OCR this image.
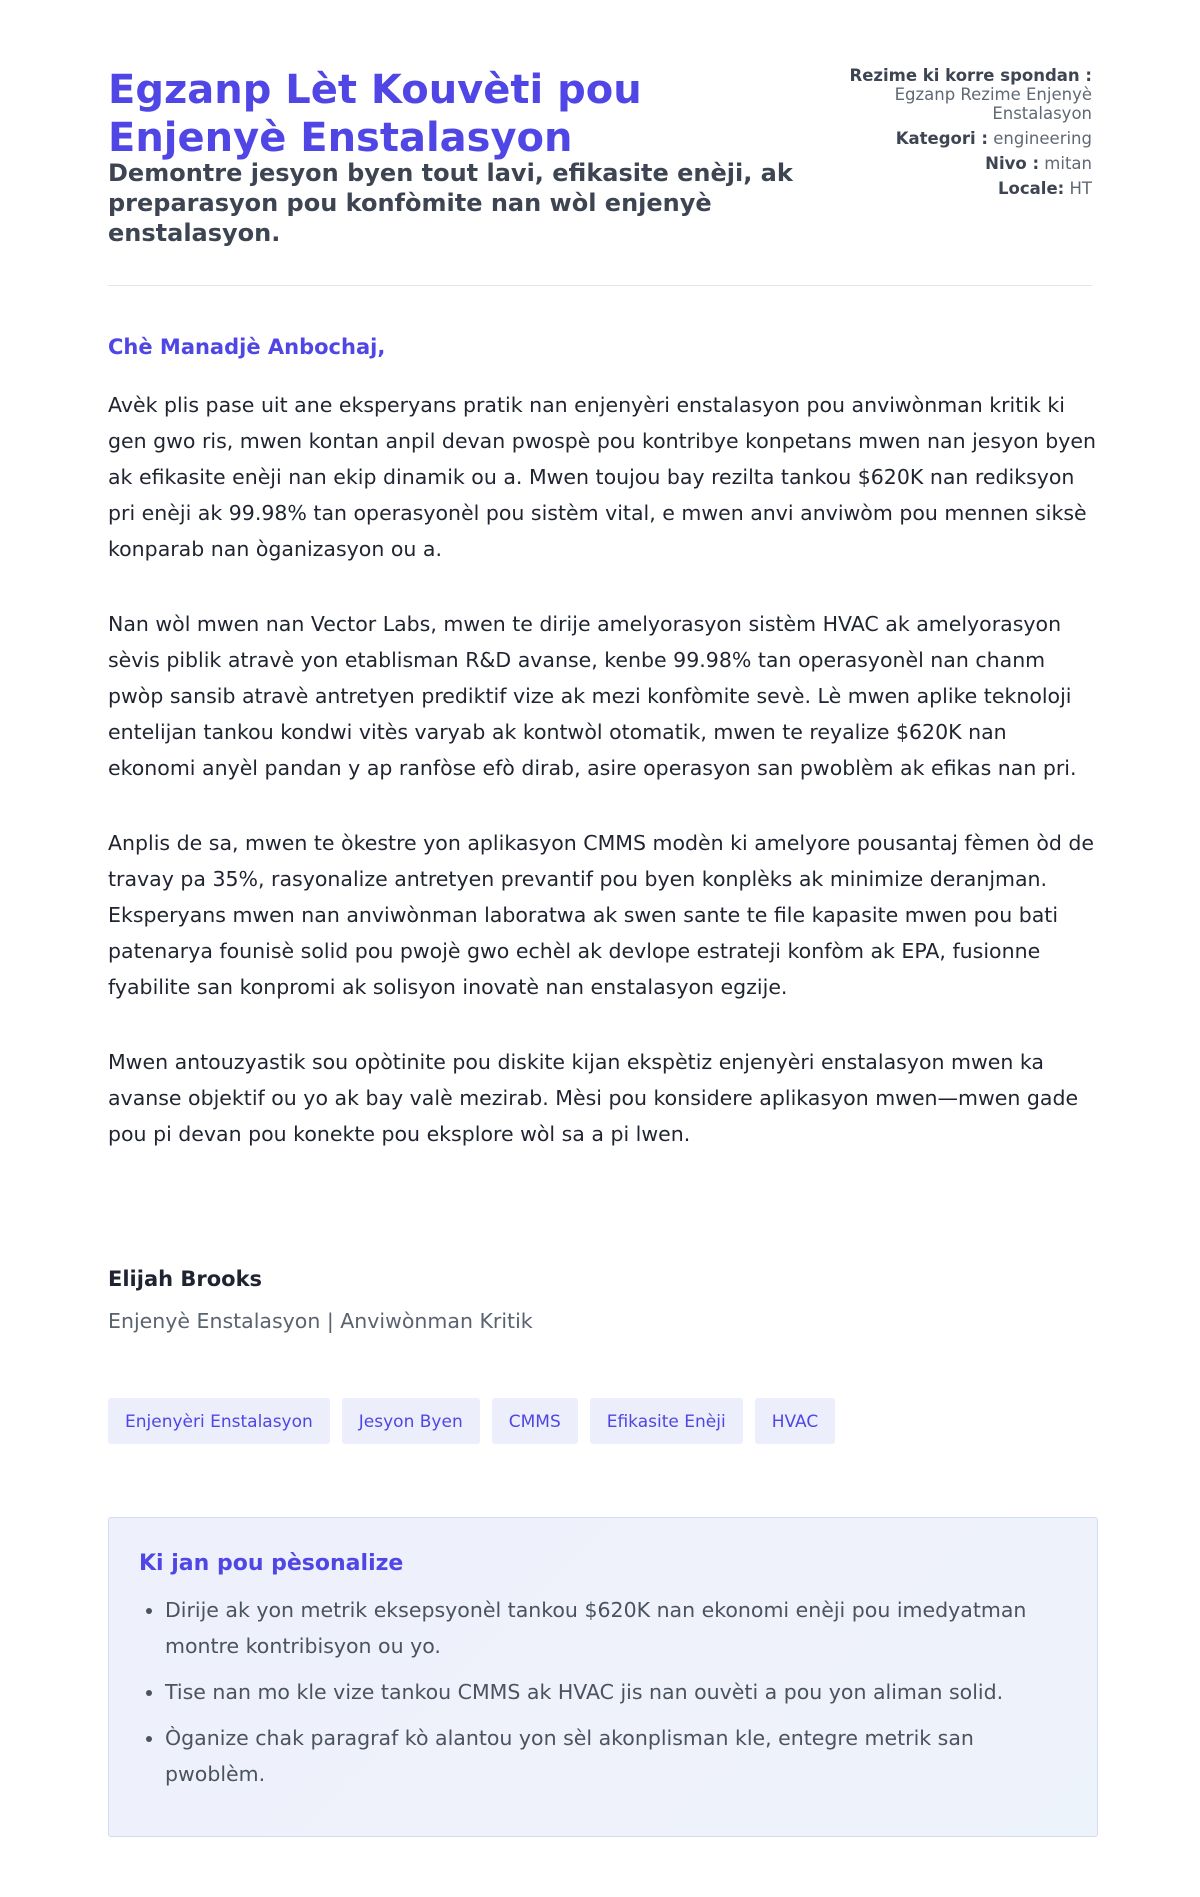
Egzanp Lèt Kouvèti pou Enjenyè Enstalasyon

Demontre jesyon byen tout lavi, efikasite enèji, ak preparasyon pou konfòmite nan wòl enjenyè enstalasyon.

Rezime ki korre spondan :
Egzanp Rezime Enjenyè Enstalasyon
Kategori : engineering
Nivo : mitan
Locale: HT

Chè Manadjè Anbochaj,

Avèk plis pase uit ane eksperyans pratik nan enjenyèri enstalasyon pou anviwònman kritik ki gen gwo ris, mwen kontan anpil devan pwospè pou kontribye konpetans mwen nan jesyon byen ak efikasite enèji nan ekip dinamik ou a. Mwen toujou bay rezilta tankou $620K nan rediksyon pri enèji ak 99.98% tan operasyonèl pou sistèm vital, e mwen anvi anviwòm pou mennen siksè konparab nan òganizasyon ou a.

Nan wòl mwen nan Vector Labs, mwen te dirije amelyorasyon sistèm HVAC ak amelyorasyon sèvis piblik atravè yon etablisman R&D avanse, kenbe 99.98% tan operasyonèl nan chanm pwòp sansib atravè antretyen prediktif vize ak mezi konfòmite sevè. Lè mwen aplike teknoloji entelijan tankou kondwi vitès varyab ak kontwòl otomatik, mwen te reyalize $620K nan ekonomi anyèl pandan y ap ranfòse efò dirab, asire operasyon san pwoblèm ak efikas nan pri.

Anplis de sa, mwen te òkestre yon aplikasyon CMMS modèn ki amelyore pousantaj fèmen òd de travay pa 35%, rasyonalize antretyen prevantif pou byen konplèks ak minimize deranjman. Eksperyans mwen nan anviwònman laboratwa ak swen sante te file kapasite mwen pou bati patenarya founisè solid pou pwojè gwo echèl ak devlope estrateji konfòm ak EPA, fusionne fyabilite san konpromi ak solisyon inovatè nan enstalasyon egzije.

Mwen antouzyastik sou opòtinite pou diskite kijan ekspètiz enjenyèri enstalasyon mwen ka avanse objektif ou yo ak bay valè mezirab. Mèsi pou konsidere aplikasyon mwen—mwen gade pou pi devan pou konekte pou eksplore wòl sa a pi lwen.

Elijah Brooks

Enjenyè Enstalasyon | Anviwònman Kritik

Enjenyèri Enstalasyon	Jesyon Byen	CMMS	Efikasite Enèji	HVAC
Ki jan pou pèsonalize
• Dirije ak yon metrik eksepsyonèl tankou $620K nan ekonomi enèji pou imedyatman montre kontribisyon ou yo.
• Tise nan mo kle vize tankou CMMS ak HVAC jis nan ouvèti a pou yon aliman solid.
• Òganize chak paragraf kò alantou yon sèl akonplisman kle, entegre metrik san pwoblèm.
